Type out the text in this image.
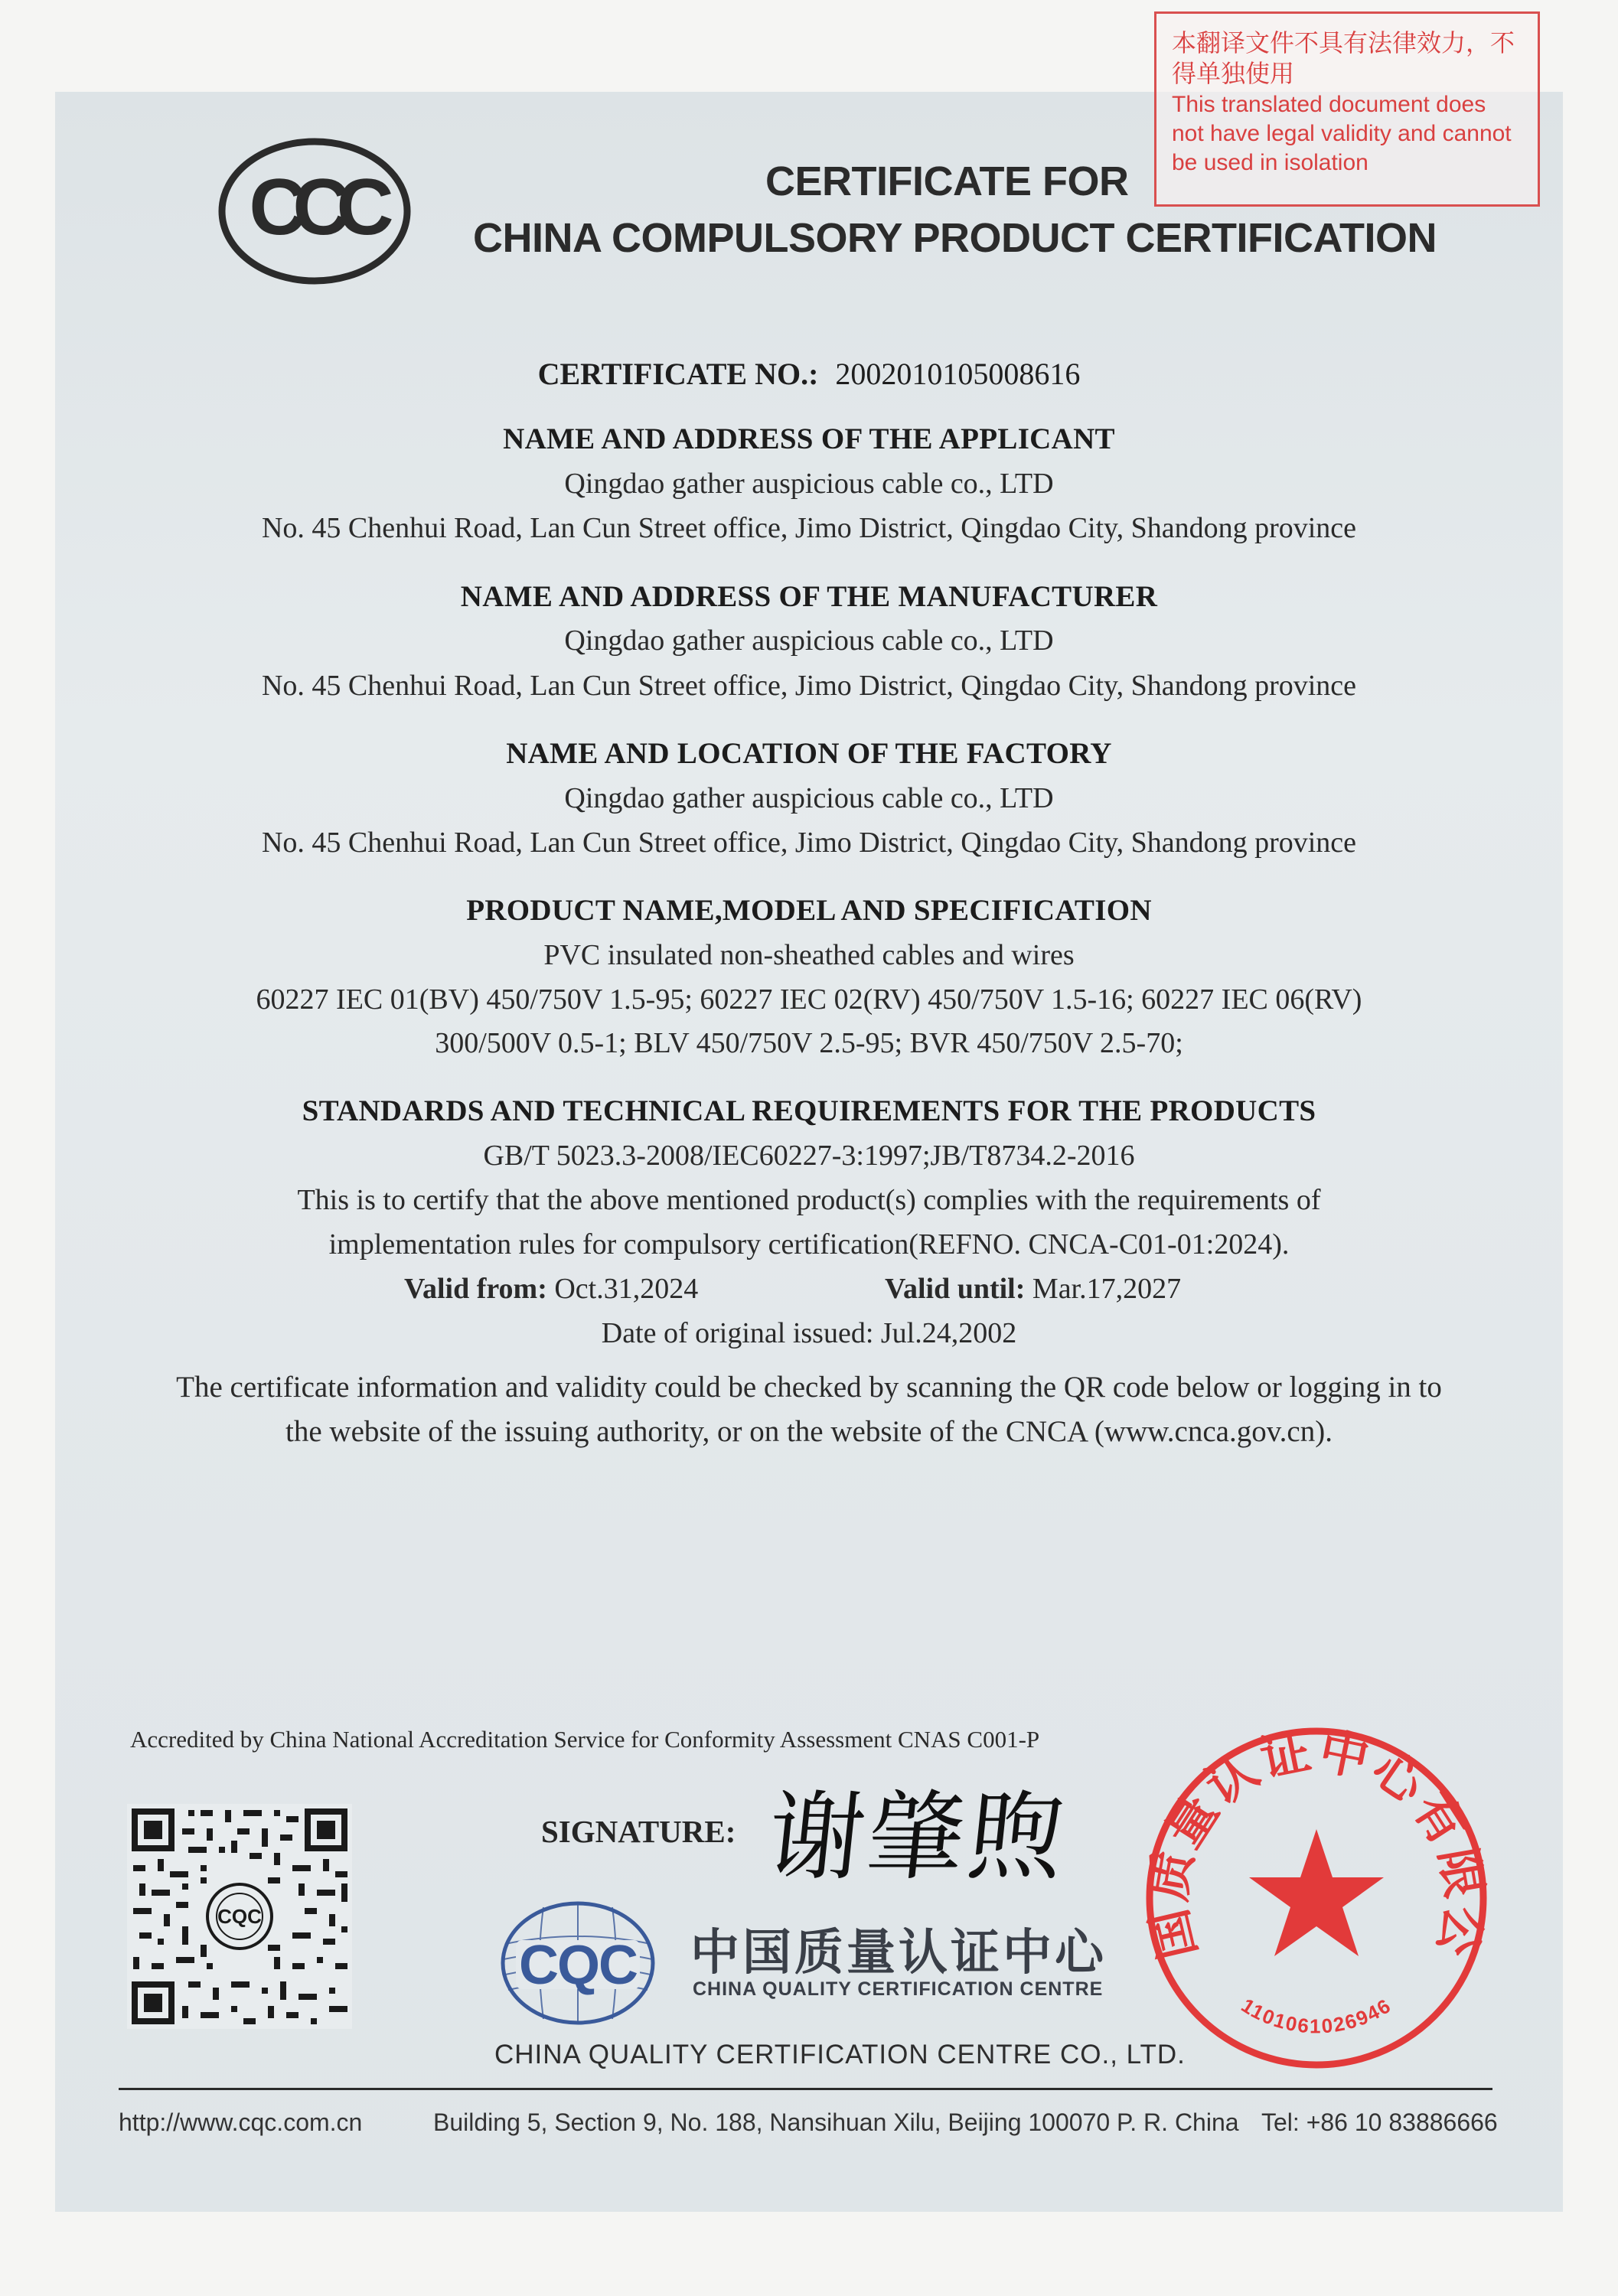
本翻译文件不具有法律效力，不得单独使用
This translated document does not have legal validity and cannot be used in isolation
CCC	CERTIFICATE FOR
CHINA COMPULSORY PRODUCT CERTIFICATION
CERTIFICATE NO.: 2002010105008616
NAME AND ADDRESS OF THE APPLICANT
Qingdao gather auspicious cable co., LTD
No. 45 Chenhui Road, Lan Cun Street office, Jimo District, Qingdao City, Shandong province
NAME AND ADDRESS OF THE MANUFACTURER
Qingdao gather auspicious cable co., LTD
No. 45 Chenhui Road, Lan Cun Street office, Jimo District, Qingdao City, Shandong province
NAME AND LOCATION OF THE FACTORY
Qingdao gather auspicious cable co., LTD
No. 45 Chenhui Road, Lan Cun Street office, Jimo District, Qingdao City, Shandong province
PRODUCT NAME,MODEL AND SPECIFICATION
PVC insulated non-sheathed cables and wires
60227 IEC 01(BV) 450/750V 1.5-95; 60227 IEC 02(RV) 450/750V 1.5-16; 60227 IEC 06(RV)
300/500V 0.5-1; BLV 450/750V 2.5-95; BVR 450/750V 2.5-70;
STANDARDS AND TECHNICAL REQUIREMENTS FOR THE PRODUCTS
GB/T 5023.3-2008/IEC60227-3:1997;JB/T8734.2-2016
This is to certify that the above mentioned product(s) complies with the requirements of
implementation rules for compulsory certification(REFNO. CNCA-C01-01:2024).
Valid from: Oct.31,2024	Valid until: Mar.17,2027
Date of original issued: Jul.24,2002
The certificate information and validity could be checked by scanning the QR code below or logging in to
the website of the issuing authority, or on the website of the CNCA (www.cnca.gov.cn).
Accredited by China National Accreditation Service for Conformity Assessment CNAS C001-P
CQC
SIGNATURE: 谢肇煦
CQC 中国质量认证中心
CHINA QUALITY CERTIFICATION CENTRE
CHINA QUALITY CERTIFICATION CENTRE CO., LTD.
国质量认证中心有限公
1101061026946
http://www.cqc.com.cn	Building 5, Section 9, No. 188, Nansihuan Xilu, Beijing 100070 P. R. China Tel: +86 10 83886666
